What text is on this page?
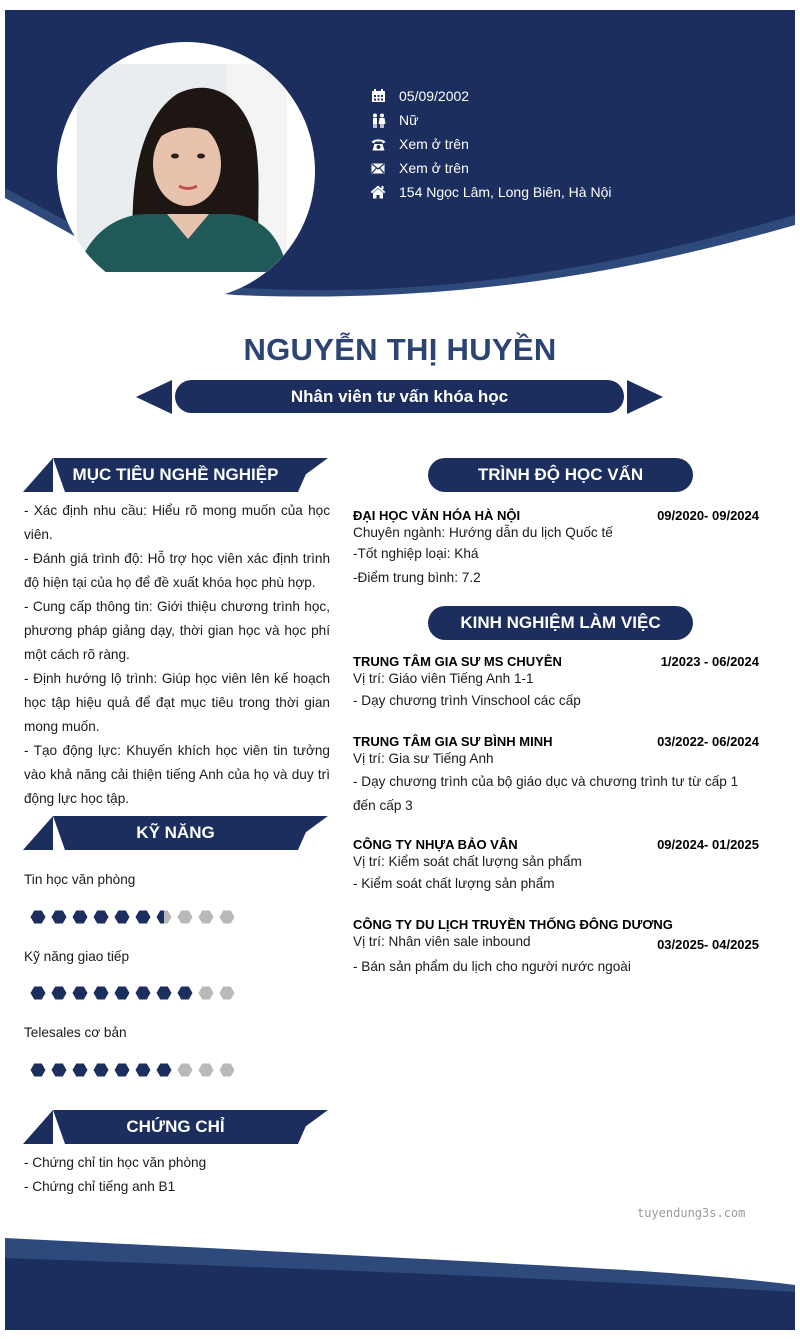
05/09/2002
Nữ
Xem ở trên
Xem ở trên
154 Ngọc Lâm, Long Biên, Hà Nội
NGUYỄN THỊ HUYỀN
Nhân viên tư vấn khóa học
MỤC TIÊU NGHỀ NGHIỆP
- Xác định nhu cầu: Hiểu rõ mong muốn của học viên.
- Đánh giá trình độ: Hỗ trợ học viên xác định trình độ hiện tại của họ để đề xuất khóa học phù hợp.
- Cung cấp thông tin: Giới thiệu chương trình học, phương pháp giảng dạy, thời gian học và học phí một cách rõ ràng.
- Định hướng lộ trình: Giúp học viên lên kế hoạch học tập hiệu quả để đạt mục tiêu trong thời gian mong muốn.
- Tạo động lực: Khuyến khích học viên tin tưởng vào khả năng cải thiện tiếng Anh của họ và duy trì động lực học tập.
KỸ NĂNG
Tin học văn phòng
Kỹ năng giao tiếp
Telesales cơ bản
CHỨNG CHỈ
- Chứng chỉ tin học văn phòng
- Chứng chỉ tiếng anh B1
TRÌNH ĐỘ HỌC VẤN
ĐẠI HỌC VĂN HÓA HÀ NỘI	09/2020- 09/2024
Chuyên ngành: Hướng dẫn du lịch Quốc tế
-Tốt nghiệp loại: Khá
-Điểm trung bình: 7.2
KINH NGHIỆM LÀM VIỆC
TRUNG TÂM GIA SƯ MS CHUYÊN	1/2023 - 06/2024
Vị trí: Giáo viên Tiếng Anh 1-1
- Dạy chương trình Vinschool các cấp
TRUNG TÂM GIA SƯ BÌNH MINH	03/2022- 06/2024
Vị trí: Gia sư Tiếng Anh
- Dạy chương trình của bộ giáo dục và chương trình tư từ cấp 1 đến cấp 3
CÔNG TY NHỰA BẢO VÂN	09/2024- 01/2025
Vị trí: Kiểm soát chất lượng sản phẩm
- Kiểm soát chất lượng sản phẩm
CÔNG TY DU LỊCH TRUYỀN THỐNG ĐÔNG DƯƠNG
Vị trí: Nhân viên sale inbound	03/2025- 04/2025
- Bán sản phẩm du lịch cho người nước ngoài
tuyendung3s.com
